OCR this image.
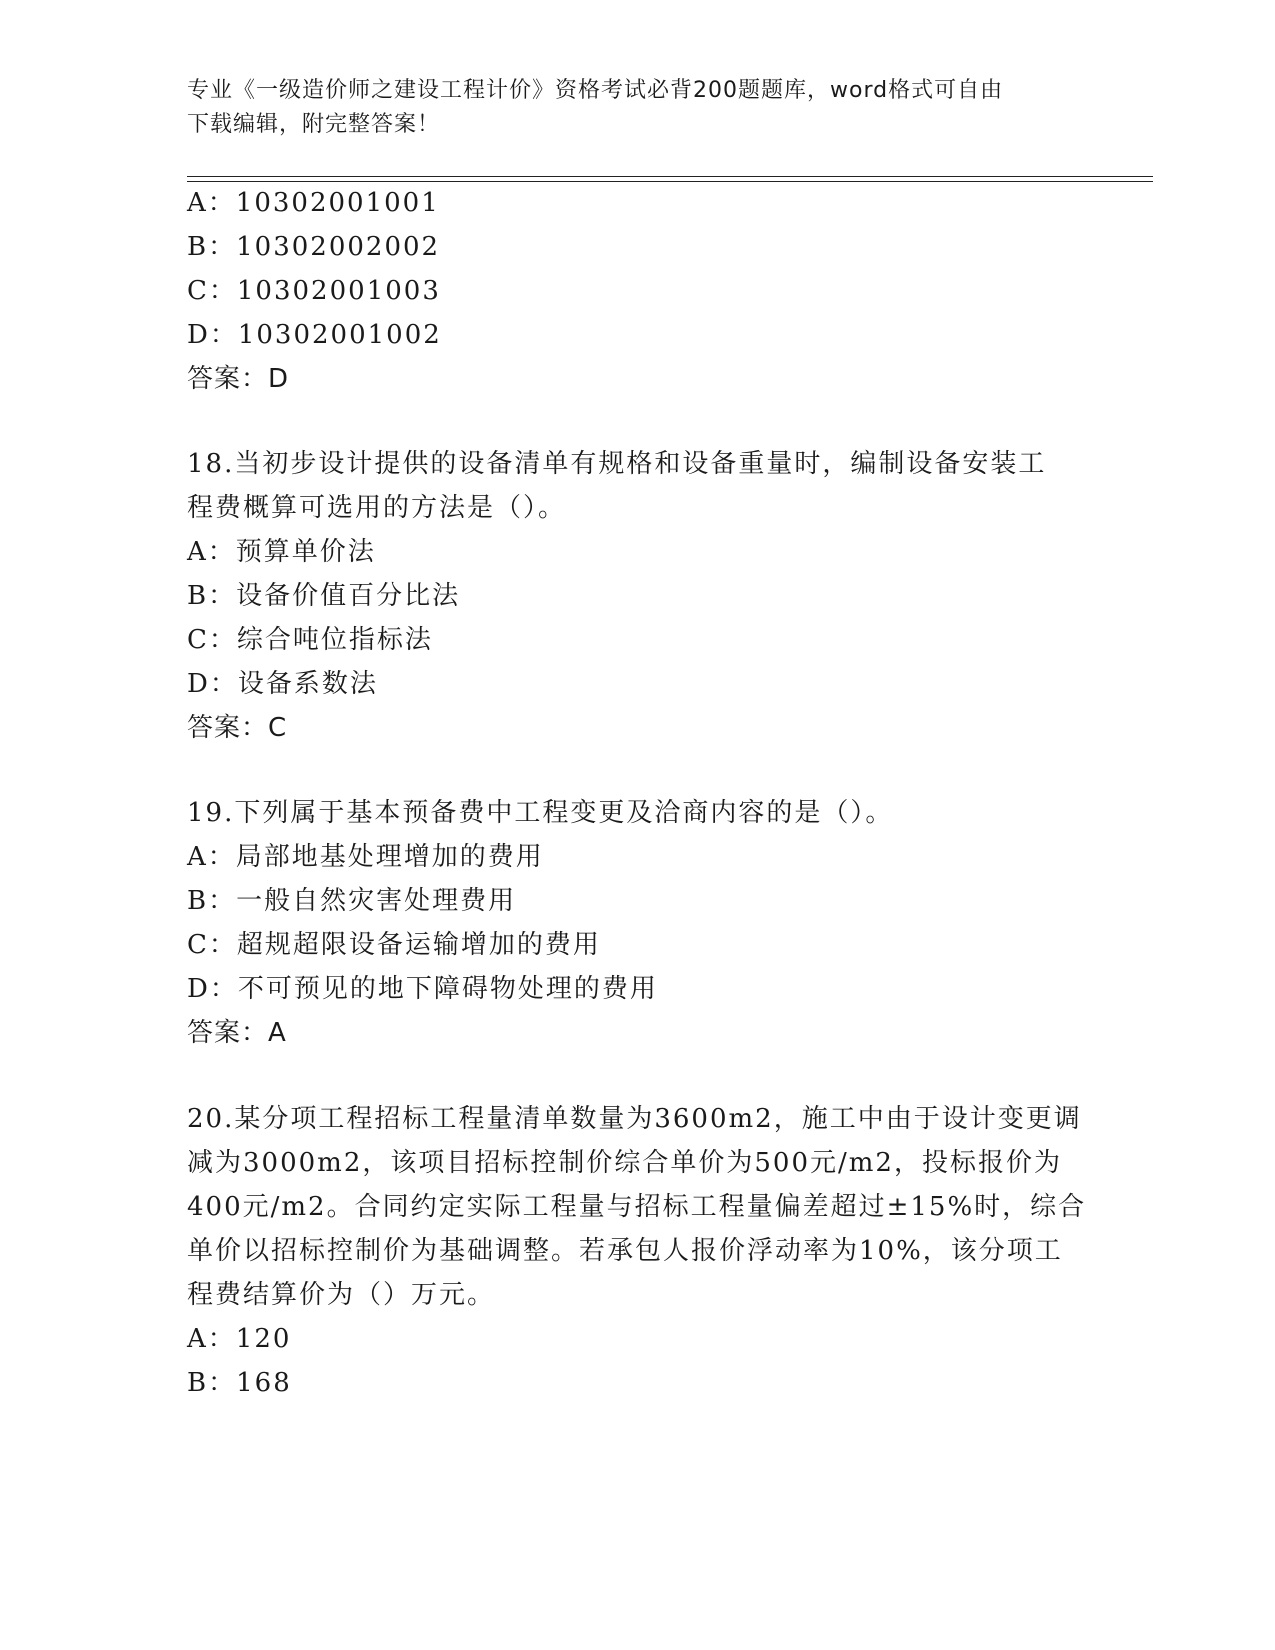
专业《一级造价师之建设工程计价》资格考试必背200题题库，word格式可自由
下载编辑，附完整答案！
A：10302001001
B：10302002002
C：10302001003
D：10302001002
答案：D
18.当初步设计提供的设备清单有规格和设备重量时，编制设备安装工
程费概算可选用的方法是（）。
A：预算单价法
B：设备价值百分比法
C：综合吨位指标法
D：设备系数法
答案：C
19.下列属于基本预备费中工程变更及洽商内容的是（）。
A：局部地基处理增加的费用
B：一般自然灾害处理费用
C：超规超限设备运输增加的费用
D：不可预见的地下障碍物处理的费用
答案：A
20.某分项工程招标工程量清单数量为3600m2，施工中由于设计变更调
减为3000m2，该项目招标控制价综合单价为500元/m2，投标报价为
400元/m2。合同约定实际工程量与招标工程量偏差超过±15%时，综合
单价以招标控制价为基础调整。若承包人报价浮动率为10%，该分项工
程费结算价为（）万元。
A：120
B：168
